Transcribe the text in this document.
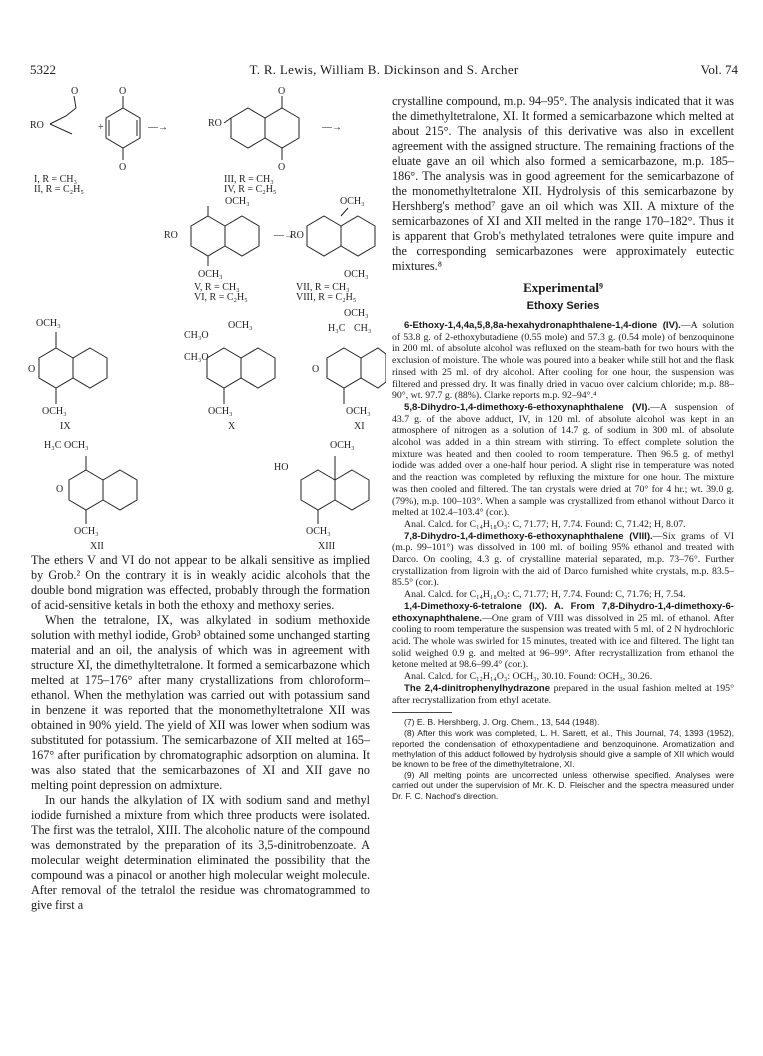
5322	T. R. Lewis, William B. Dickinson and S. Archer	Vol. 74
RO
O
+
O
O
—→
O
O
RO	—→
I, R = CH₃
II, R = C₂H₅
III, R = CH₃
IV, R = C₂H₅
OCH₃
RO
OCH₃
—→
OCH₃
RO
OCH₃
V, R = CH₃
VI, R = C₂H₅
VII, R = CH₃
VIII, R = C₂H₅
OCH₃
OCH₃
O
OCH₃
IX
CH₃O
CH₃O
OCH₃
OCH₃
X
H₃C CH₃
O
OCH₃
XI
H₃C OCH₃
O
OCH₃
XII
OCH₃
HO
OCH₃
XIII

The ethers V and VI do not appear to be alkali sensitive as implied by Grob.² On the contrary it is in weakly acidic alcohols that the double bond migration was effected, probably through the formation of acid-sensitive ketals in both the ethoxy and methoxy series.

When the tetralone, IX, was alkylated in sodium methoxide solution with methyl iodide, Grob³ obtained some unchanged starting material and an oil, the analysis of which was in agreement with structure XI, the dimethyltetralone. It formed a semicarbazone which melted at 175–176° after many crystallizations from chloroform–ethanol. When the methylation was carried out with potassium sand in benzene it was reported that the monomethyltetralone XII was obtained in 90% yield. The yield of XII was lower when sodium was substituted for potassium. The semicarbazone of XII melted at 165–167° after purification by chromatographic adsorption on alumina. It was also stated that the semicarbazones of XI and XII gave no melting point depression on admixture.

In our hands the alkylation of IX with sodium sand and methyl iodide furnished a mixture from which three products were isolated. The first was the tetralol, XIII. The alcoholic nature of the compound was demonstrated by the preparation of its 3,5-dinitrobenzoate. A molecular weight determination eliminated the possibility that the compound was a pinacol or another high molecular weight molecule. After removal of the tetralol the residue was chromatogrammed to give first a

crystalline compound, m.p. 94–95°. The analysis indicated that it was the dimethyltetralone, XI. It formed a semicarbazone which melted at about 215°. The analysis of this derivative was also in excellent agreement with the assigned structure. The remaining fractions of the eluate gave an oil which also formed a semicarbazone, m.p. 185–186°. The analysis was in good agreement for the semicarbazone of the monomethyltetralone XII. Hydrolysis of this semicarbazone by Hershberg's method⁷ gave an oil which was XII. A mixture of the semicarbazones of XI and XII melted in the range 170–182°. Thus it is apparent that Grob's methylated tetralones were quite impure and the corresponding semicarbazones were approximately eutectic mixtures.⁸

Experimental⁹
Ethoxy Series

6-Ethoxy-1,4,4a,5,8,8a-hexahydronaphthalene-1,4-dione (IV).—A solution of 53.8 g. of 2-ethoxybutadiene (0.55 mole) and 57.3 g. (0.54 mole) of benzoquinone in 200 ml. of absolute alcohol was refluxed on the steam-bath for two hours with the exclusion of moisture. The whole was poured into a beaker while still hot and the flask rinsed with 25 ml. of dry alcohol. After cooling for one hour, the suspension was filtered and pressed dry. It was finally dried in vacuo over calcium chloride; m.p. 88–90°, wt. 97.7 g. (88%). Clarke reports m.p. 92–94°.⁴

5,8-Dihydro-1,4-dimethoxy-6-ethoxynaphthalene (VI).—A suspension of 43.7 g. of the above adduct, IV, in 120 ml. of absolute alcohol was kept in an atmosphere of nitrogen as a solution of 14.7 g. of sodium in 300 ml. of absolute alcohol was added in a thin stream with stirring. To effect complete solution the mixture was heated and then cooled to room temperature. Then 96.5 g. of methyl iodide was added over a one-half hour period. A slight rise in temperature was noted and the reaction was completed by refluxing the mixture for one hour. The mixture was then cooled and filtered. The tan crystals were dried at 70° for 4 hr.; wt. 39.0 g. (79%), m.p. 100–103°. When a sample was crystallized from ethanol without Darco it melted at 102.4–103.4° (cor.).

Anal. Calcd. for C₁₄H₁₈O₃: C, 71.77; H, 7.74. Found: C, 71.42; H, 8.07.

7,8-Dihydro-1,4-dimethoxy-6-ethoxynaphthalene (VIII).—Six grams of VI (m.p. 99–101°) was dissolved in 100 ml. of boiling 95% ethanol and treated with Darco. On cooling, 4.3 g. of crystalline material separated, m.p. 73–76°. Further crystallization from ligroin with the aid of Darco furnished white crystals, m.p. 83.5–85.5° (cor.).

Anal. Calcd. for C₁₄H₁₈O₃: C, 71.77; H, 7.74. Found: C, 71.76; H, 7.54.

1,4-Dimethoxy-6-tetralone (IX). A. From 7,8-Dihydro-1,4-dimethoxy-6-ethoxynaphthalene.—One gram of VIII was dissolved in 25 ml. of ethanol. After cooling to room temperature the suspension was treated with 5 ml. of 2 N hydrochloric acid. The whole was swirled for 15 minutes, treated with ice and filtered. The light tan solid weighed 0.9 g. and melted at 96–99°. After recrystallization from ethanol the ketone melted at 98.6–99.4° (cor.).

Anal. Calcd. for C₁₂H₁₄O₃: OCH₃, 30.10. Found: OCH₃, 30.26.

The 2,4-dinitrophenylhydrazone prepared in the usual fashion melted at 195° after recrystallization from ethyl acetate.

(7) E. B. Hershberg, J. Org. Chem., 13, 544 (1948).

(8) After this work was completed, L. H. Sarett, et al., This Journal, 74, 1393 (1952), reported the condensation of ethoxypentadiene and benzoquinone. Aromatization and methylation of this adduct followed by hydrolysis should give a sample of XII which would be known to be free of the dimethyltetralone, XI.

(9) All melting points are uncorrected unless otherwise specified. Analyses were carried out under the supervision of Mr. K. D. Fleischer and the spectra measured under Dr. F. C. Nachod's direction.
